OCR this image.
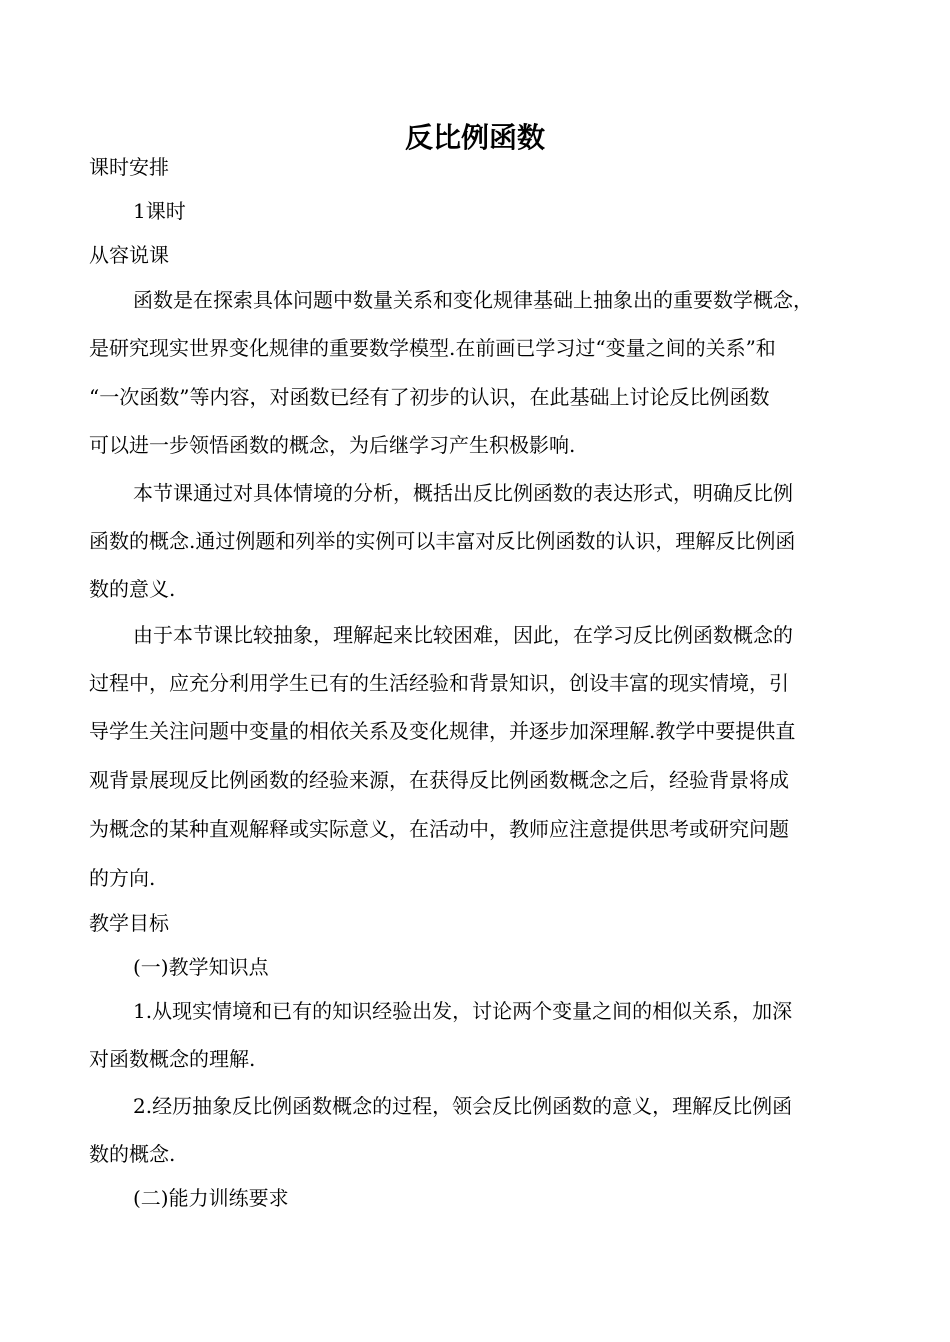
反比例函数
课时安排
1课时
从容说课
函数是在探索具体问题中数量关系和变化规律基础上抽象出的重要数学概念，
是研究现实世界变化规律的重要数学模型.在前画已学习过“变量之间的关系”和
“一次函数”等内容，对函数已经有了初步的认识，在此基础上讨论反比例函数
可以进一步领悟函数的概念，为后继学习产生积极影响.
本节课通过对具体情境的分析，概括出反比例函数的表达形式，明确反比例
函数的概念.通过例题和列举的实例可以丰富对反比例函数的认识，理解反比例函
数的意义.
由于本节课比较抽象，理解起来比较困难，因此，在学习反比例函数概念的
过程中，应充分利用学生已有的生活经验和背景知识，创设丰富的现实情境，引
导学生关注问题中变量的相依关系及变化规律，并逐步加深理解.教学中要提供直
观背景展现反比例函数的经验来源，在获得反比例函数概念之后，经验背景将成
为概念的某种直观解释或实际意义，在活动中，教师应注意提供思考或研究问题
的方向.
教学目标
(一)教学知识点
1.从现实情境和已有的知识经验出发，讨论两个变量之间的相似关系，加深
对函数概念的理解.
2.经历抽象反比例函数概念的过程，领会反比例函数的意义，理解反比例函
数的概念.
(二)能力训练要求
